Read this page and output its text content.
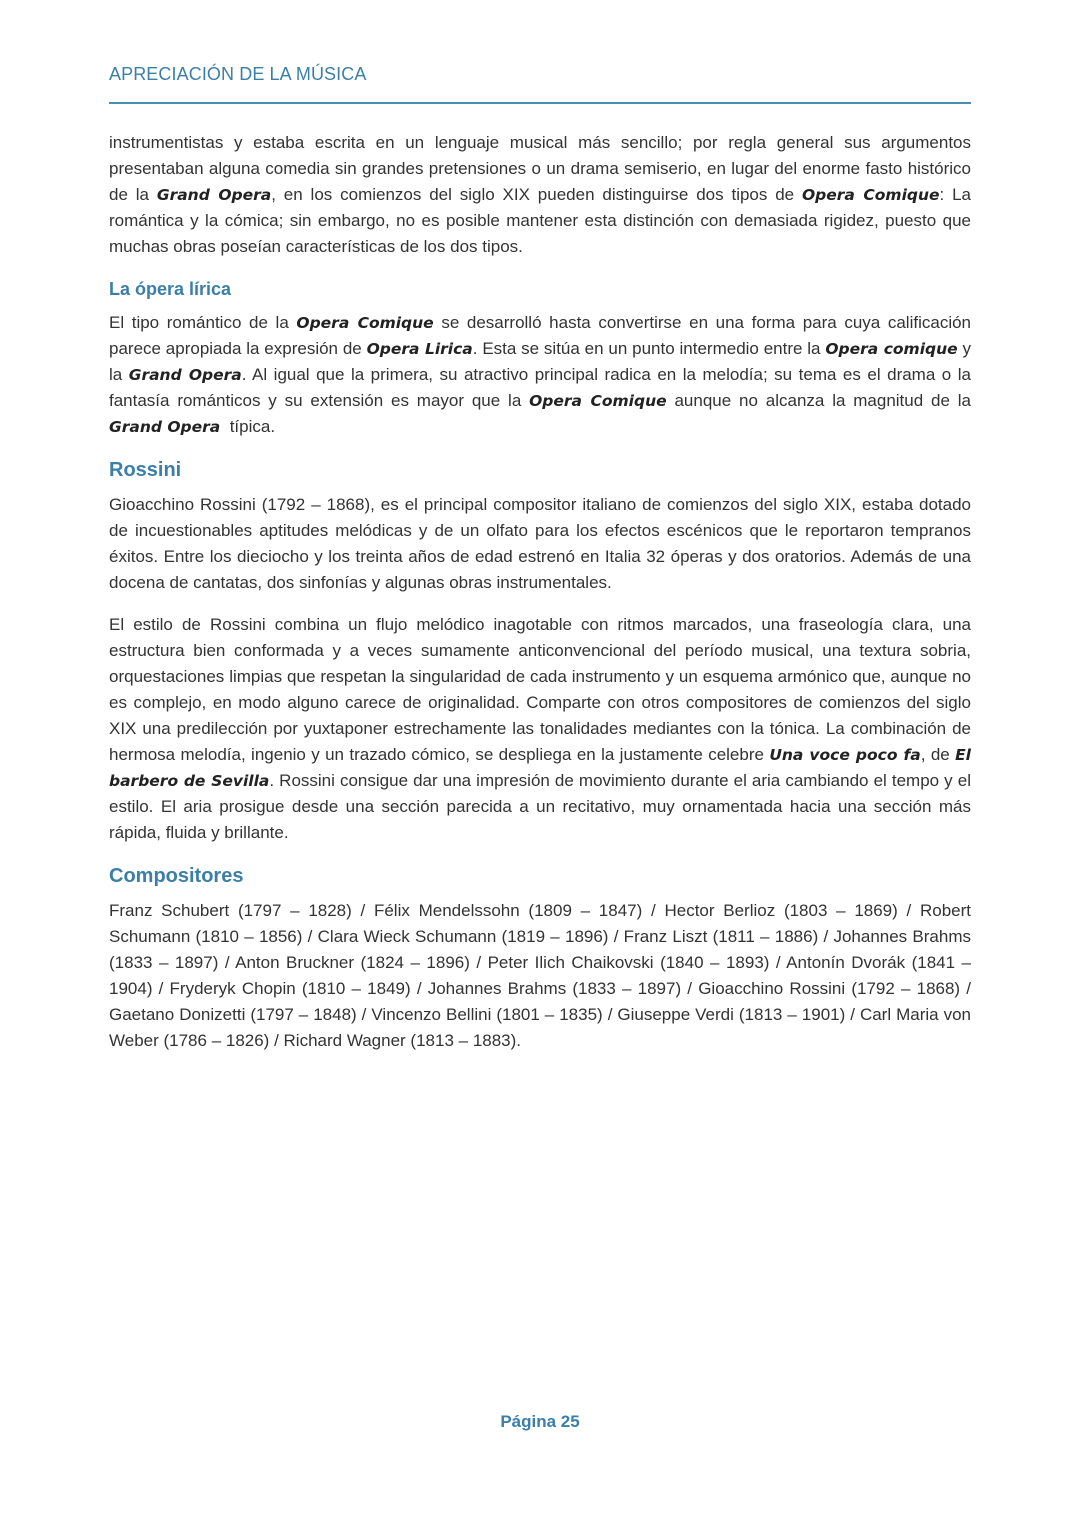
APRECIACIÓN DE LA MÚSICA

instrumentistas y estaba escrita en un lenguaje musical más sencillo; por regla general sus argumentos presentaban alguna comedia sin grandes pretensiones o un drama semiserio, en lugar del enorme fasto histórico de la Grand Opera, en los comienzos del siglo XIX pueden distinguirse dos tipos de Opera Comique: La romántica y la cómica; sin embargo, no es posible mantener esta distinción con demasiada rigidez, puesto que muchas obras poseían características de los dos tipos.

La ópera lírica

El tipo romántico de la Opera Comique se desarrolló hasta convertirse en una forma para cuya calificación parece apropiada la expresión de Opera Lirica. Esta se sitúa en un punto intermedio entre la Opera comique y la Grand Opera. Al igual que la primera, su atractivo principal radica en la melodía; su tema es el drama o la fantasía románticos y su extensión es mayor que la Opera Comique aunque no alcanza la magnitud de la Grand Opera  típica.

Rossini

Gioacchino Rossini (1792 – 1868), es el principal compositor italiano de comienzos del siglo XIX, estaba dotado de incuestionables aptitudes melódicas y de un olfato para los efectos escénicos que le reportaron tempranos éxitos. Entre los dieciocho y los treinta años de edad estrenó en Italia 32 óperas y dos oratorios. Además de una docena de cantatas, dos sinfonías y algunas obras instrumentales.

El estilo de Rossini combina un flujo melódico inagotable con ritmos marcados, una fraseología clara, una estructura bien conformada y a veces sumamente anticonvencional del período musical, una textura sobria, orquestaciones limpias que respetan la singularidad de cada instrumento y un esquema armónico que, aunque no es complejo, en modo alguno carece de originalidad. Comparte con otros compositores de comienzos del siglo XIX una predilección por yuxtaponer estrechamente las tonalidades mediantes con la tónica. La combinación de hermosa melodía, ingenio y un trazado cómico, se despliega en la justamente celebre Una voce poco fa, de El barbero de Sevilla. Rossini consigue dar una impresión de movimiento durante el aria cambiando el tempo y el estilo. El aria prosigue desde una sección parecida a un recitativo, muy ornamentada hacia una sección más rápida, fluida y brillante.

Compositores

Franz Schubert (1797 – 1828) / Félix Mendelssohn (1809 – 1847) / Hector Berlioz (1803 – 1869) / Robert Schumann (1810 – 1856) / Clara Wieck Schumann (1819 – 1896) / Franz Liszt (1811 – 1886) / Johannes Brahms (1833 – 1897) / Anton Bruckner (1824 – 1896) / Peter Ilich Chaikovski (1840 – 1893) / Antonín Dvorák (1841 – 1904) / Fryderyk Chopin (1810 – 1849) / Johannes Brahms (1833 – 1897) / Gioacchino Rossini (1792 – 1868) / Gaetano Donizetti (1797 – 1848) / Vincenzo Bellini (1801 – 1835) / Giuseppe Verdi (1813 – 1901) / Carl Maria von Weber (1786 – 1826) / Richard Wagner (1813 – 1883).

Página 25
